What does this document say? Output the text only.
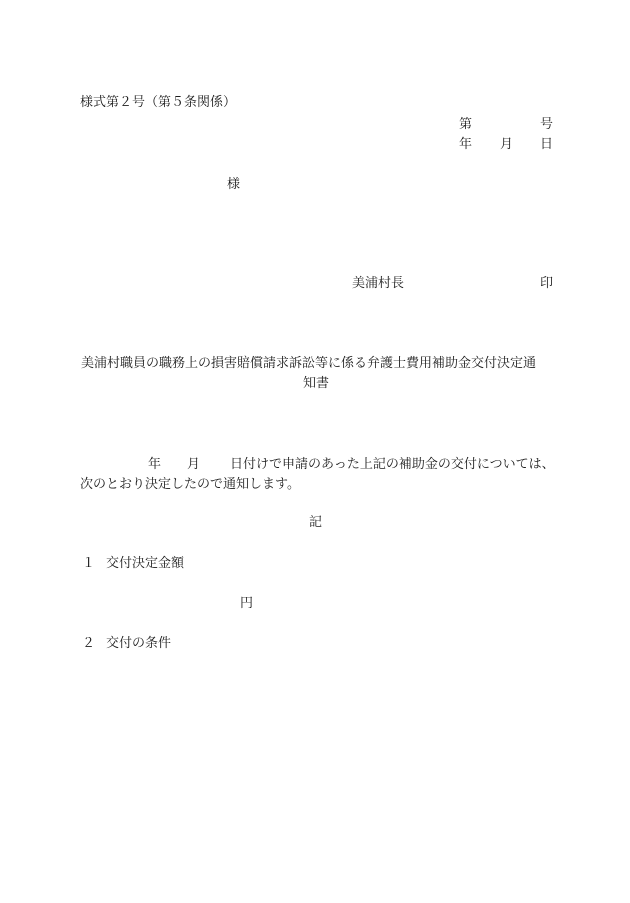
様式第２号（第５条関係）

第	号
年 月 日
様
美浦村長	印

美浦村職員の職務上の損害賠償請求訴訟等に係る弁護士費用補助金交付決定通

知書

年 月 日付けで申請のあった上記の補助金の交付については、

次のとおり決定したので通知します。

記

１ 交付決定金額
円
２ 交付の条件
